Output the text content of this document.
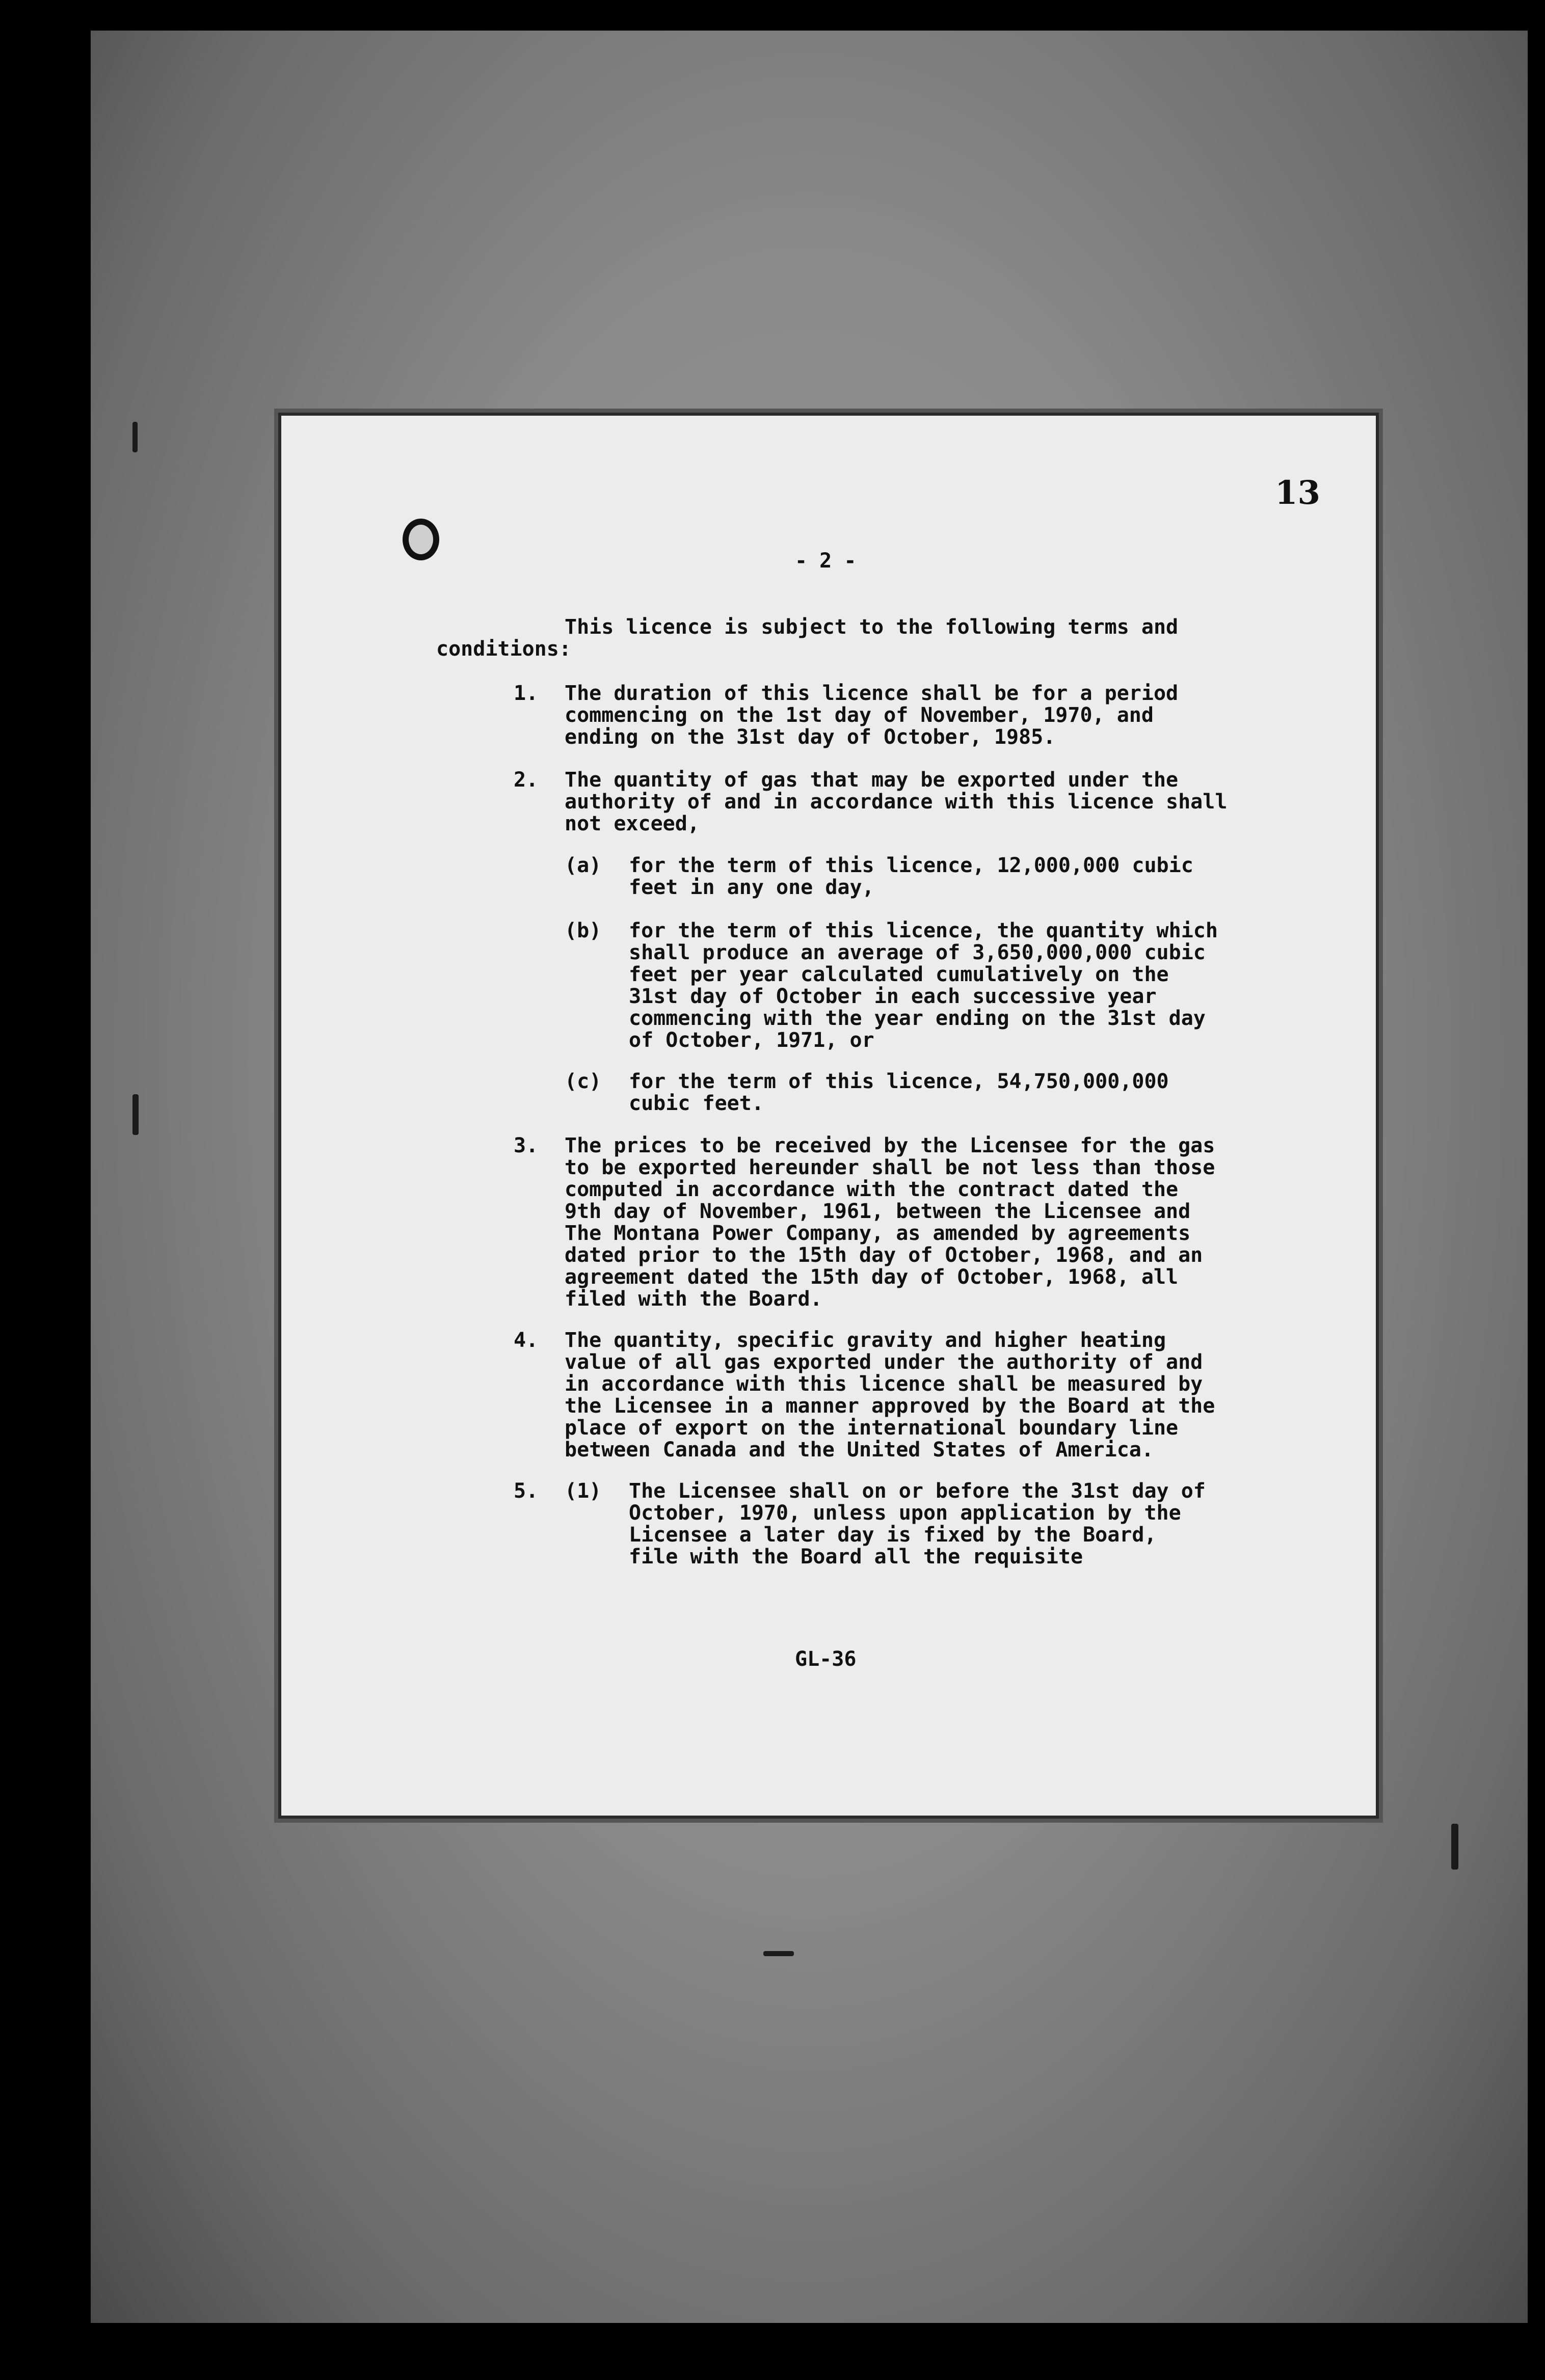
13
- 2 -
This licence is subject to the following terms and
conditions:
1. The duration of this licence shall be for a period
commencing on the 1st day of November, 1970, and
ending on the 31st day of October, 1985.
2. The quantity of gas that may be exported under the
authority of and in accordance with this licence shall
not exceed,
(a) for the term of this licence, 12,000,000 cubic
feet in any one day,
(b) for the term of this licence, the quantity which
shall produce an average of 3,650,000,000 cubic
feet per year calculated cumulatively on the
31st day of October in each successive year
commencing with the year ending on the 31st day
of October, 1971, or
(c) for the term of this licence, 54,750,000,000
cubic feet.
3. The prices to be received by the Licensee for the gas
to be exported hereunder shall be not less than those
computed in accordance with the contract dated the
9th day of November, 1961, between the Licensee and
The Montana Power Company, as amended by agreements
dated prior to the 15th day of October, 1968, and an
agreement dated the 15th day of October, 1968, all
filed with the Board.
4. The quantity, specific gravity and higher heating
value of all gas exported under the authority of and
in accordance with this licence shall be measured by
the Licensee in a manner approved by the Board at the
place of export on the international boundary line
between Canada and the United States of America.
5. (1) The Licensee shall on or before the 31st day of
October, 1970, unless upon application by the
Licensee a later day is fixed by the Board,
file with the Board all the requisite
GL-36
